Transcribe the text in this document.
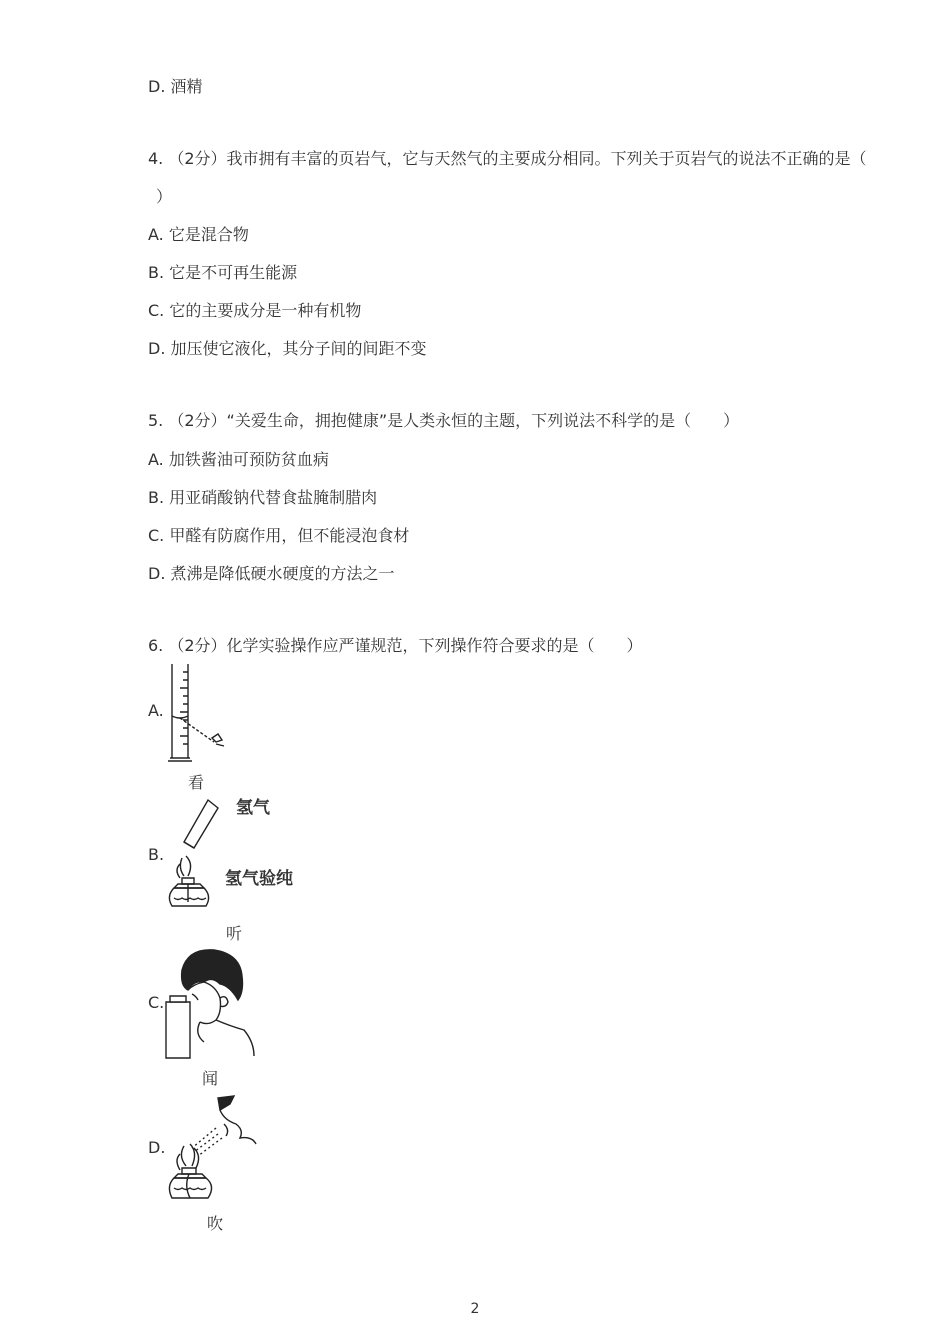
D. 酒精
4. （2分）我市拥有丰富的页岩气，它与天然气的主要成分相同。下列关于页岩气的说法不正确的是（
）
A. 它是混合物
B. 它是不可再生能源
C. 它的主要成分是一种有机物
D. 加压使它液化，其分子间的间距不变
5. （2分）“关爱生命，拥抱健康”是人类永恒的主题，下列说法不科学的是（　　）
A. 加铁酱油可预防贫血病
B. 用亚硝酸钠代替食盐腌制腊肉
C. 甲醛有防腐作用，但不能浸泡食材
D. 煮沸是降低硬水硬度的方法之一
6. （2分）化学实验操作应严谨规范，下列操作符合要求的是（　　）
A.
看
B.
氢气
氢气验纯
听
C.
闻
D.
吹
2
